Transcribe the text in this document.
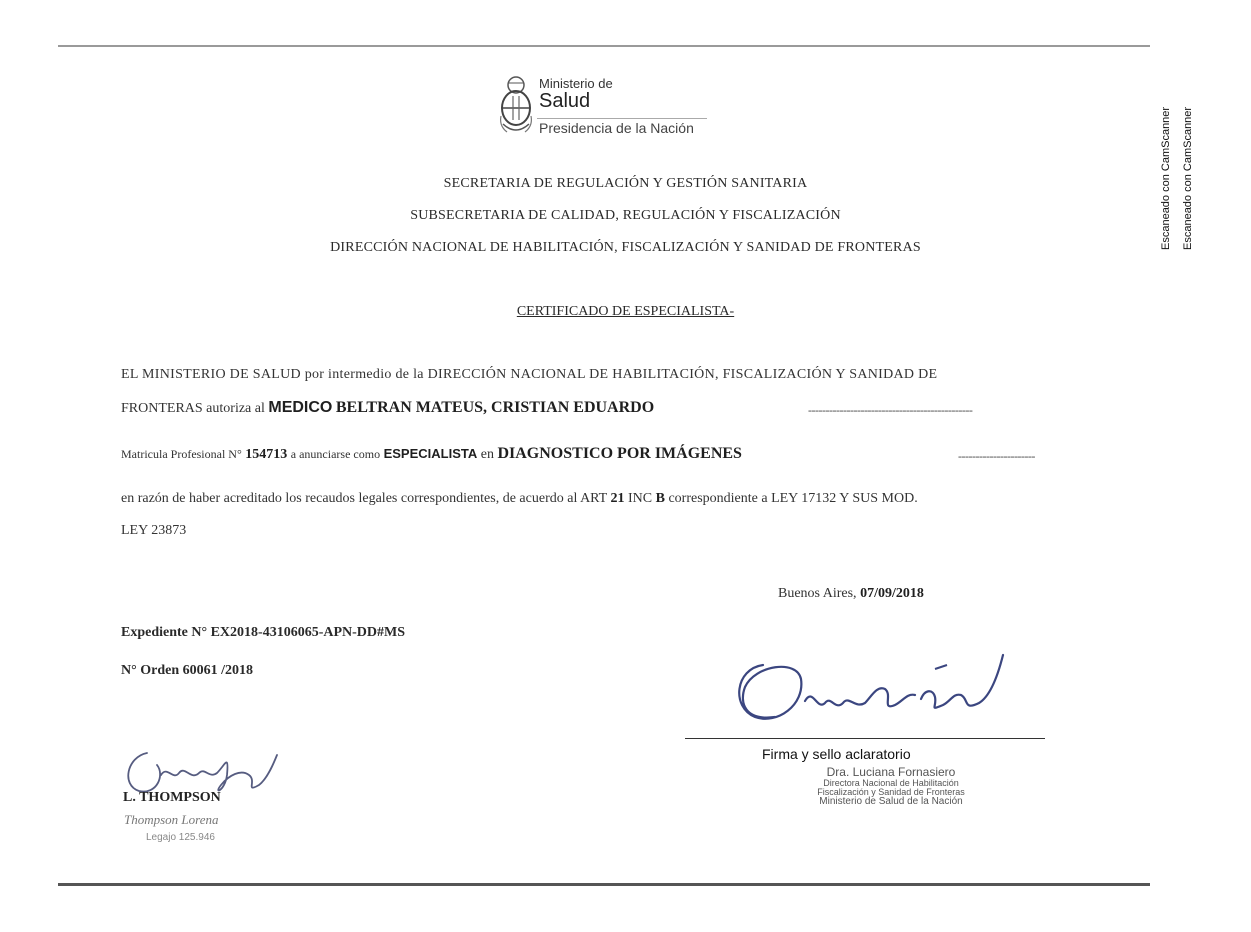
Escaneado con CamScanner Escaneado con CamScanner
Ministerio de
Salud
Presidencia de la Nación
SECRETARIA DE REGULACIÓN Y GESTIÓN SANITARIA
SUBSECRETARIA DE CALIDAD, REGULACIÓN Y FISCALIZACIÓN
DIRECCIÓN NACIONAL DE HABILITACIÓN, FISCALIZACIÓN Y SANIDAD DE FRONTERAS
CERTIFICADO DE ESPECIALISTA-
EL MINISTERIO DE SALUD por intermedio de la DIRECCIÓN NACIONAL DE HABILITACIÓN, FISCALIZACIÓN Y SANIDAD DE
FRONTERAS autoriza al MEDICO BELTRAN MATEUS, CRISTIAN EDUARDO	-----------------------------------------------
Matricula Profesional N° 154713 a anunciarse como ESPECIALISTA en DIAGNOSTICO POR IMÁGENES	----------------------
en razón de haber acreditado los recaudos legales correspondientes, de acuerdo al ART 21 INC B correspondiente a LEY 17132 Y SUS MOD.
LEY 23873
Buenos Aires, 07/09/2018
Expediente N° EX2018-43106065-APN-DD#MS
N° Orden 60061 /2018
Firma y sello aclaratorio
Dra. Luciana Fornasiero
Directora Nacional de Habilitación
Fiscalización y Sanidad de Fronteras
Ministerio de Salud de la Nación
L. THOMPSON
Thompson Lorena
Legajo 125.946
